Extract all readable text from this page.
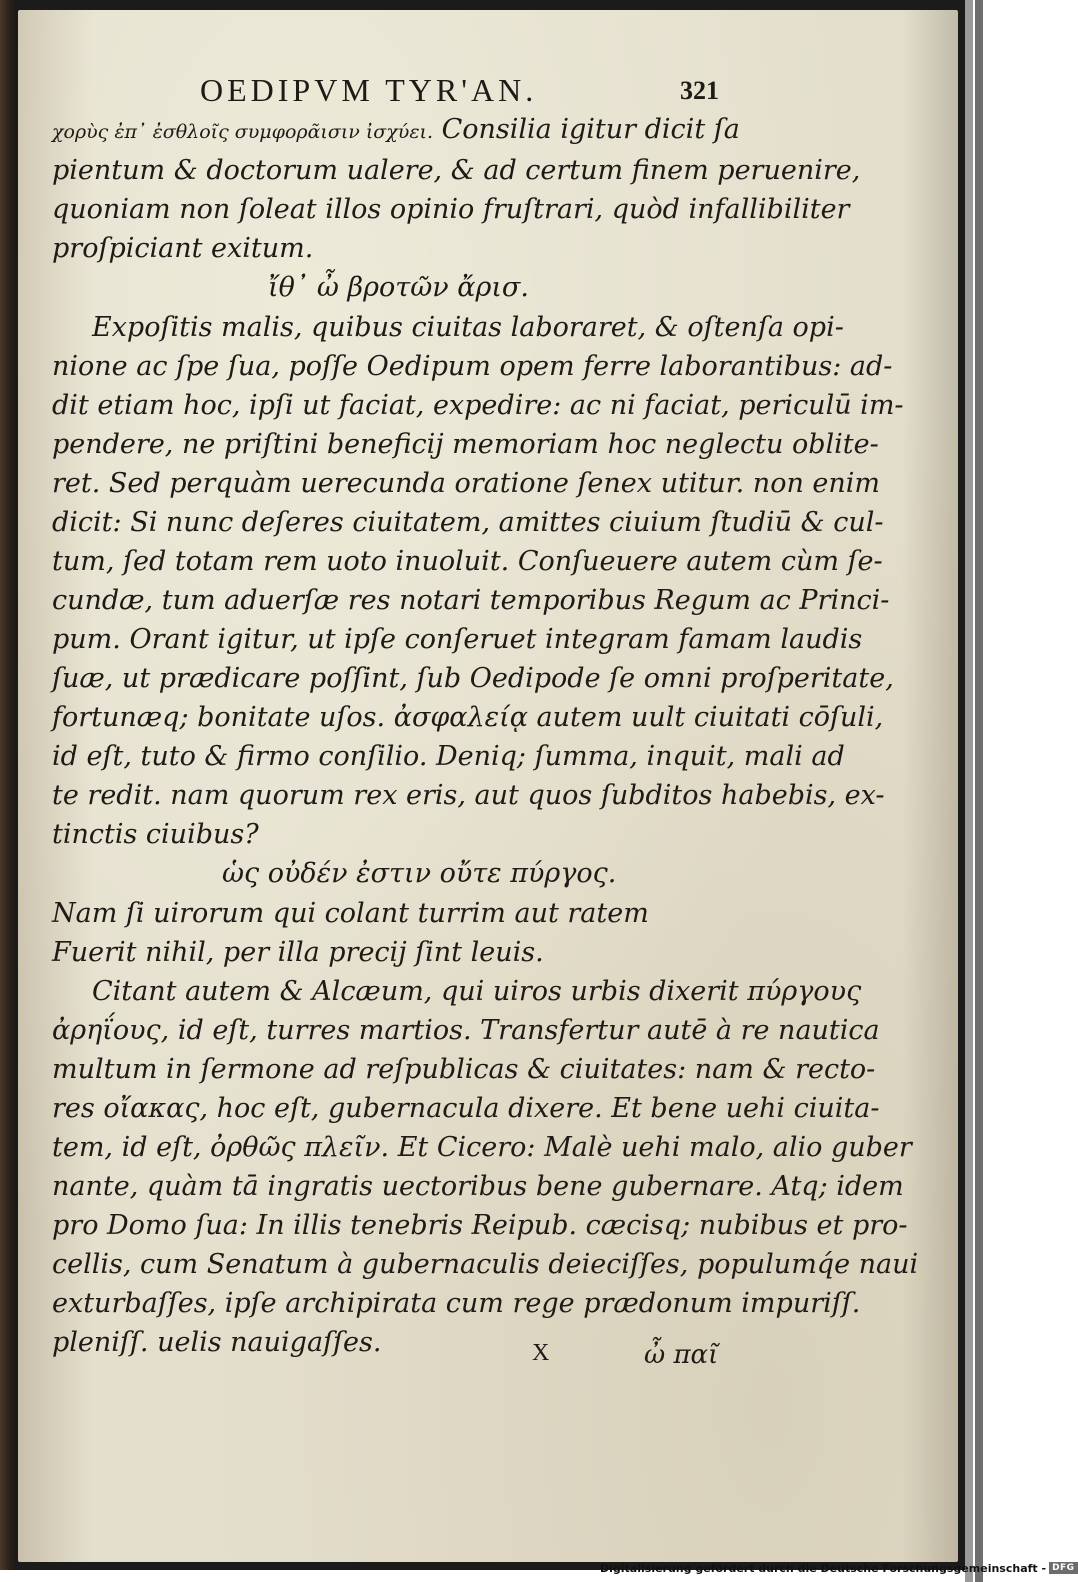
OEDIPVM TYR'AN.	321
χορὺς ἐπ᾽ ἐσθλοῖς συμφορᾶισιν ἰσχύει. Consilia igitur dicit ſa
pientum & doctorum ualere, & ad certum finem peruenire,
quoniam non ſoleat illos opinio fruſtrari, quòd infallibiliter
proſpiciant exitum.
ἴθ᾽ ὦ βροτῶν ἄρισ.
Expoſitis malis, quibus ciuitas laboraret, & oſtenſa opi-
nione ac ſpe ſua, poſſe Oedipum opem ferre laborantibus: ad-
dit etiam hoc, ipſi ut faciat, expedire: ac ni faciat, periculū im-
pendere, ne priſtini beneficij memoriam hoc neglectu oblite-
ret. Sed perquàm uerecunda oratione ſenex utitur. non enim
dicit: Si nunc deſeres ciuitatem, amittes ciuium ſtudiū & cul-
tum, ſed totam rem uoto inuoluit. Conſueuere autem cùm ſe-
cundæ, tum aduerſæ res notari temporibus Regum ac Princi-
pum. Orant igitur, ut ipſe conſeruet integram famam laudis
ſuæ, ut prædicare poſſint, ſub Oedipode ſe omni proſperitate,
fortunæq; bonitate uſos. ἀσφαλείᾳ autem uult ciuitati cōſuli,
id eſt, tuto & firmo conſilio. Deniq; ſumma, inquit, mali ad
te redit. nam quorum rex eris, aut quos ſubditos habebis, ex-
tinctis ciuibus?
ὡς οὐδέν ἐστιν οὔτε πύργος.
Nam ſi uirorum qui colant turrim aut ratem
Fuerit nihil, per illa precij ſint leuis.
Citant autem & Alcæum, qui uiros urbis dixerit πύργους
ἀρηΐους, id eſt, turres martios. Transfertur autē à re nautica
multum in ſermone ad reſpublicas & ciuitates: nam & recto-
res οἴακας, hoc eſt, gubernacula dixere. Et bene uehi ciuita-
tem, id eſt, ὀρθῶς πλεῖν. Et Cicero: Malè uehi malo, alio guber
nante, quàm tā ingratis uectoribus bene gubernare. Atq; idem
pro Domo ſua: In illis tenebris Reipub. cæcisq; nubibus et pro-
cellis, cum Senatum à gubernaculis deieciſſes, populumq́e naui
exturbaſſes, ipſe archipirata cum rege prædonum impuriſſ.
pleniſſ. uelis nauigaſſes.	X	ὦ παῖ
Digitalisierung gefördert durch die Deutsche Forschungsgemeinschaft - DFG
